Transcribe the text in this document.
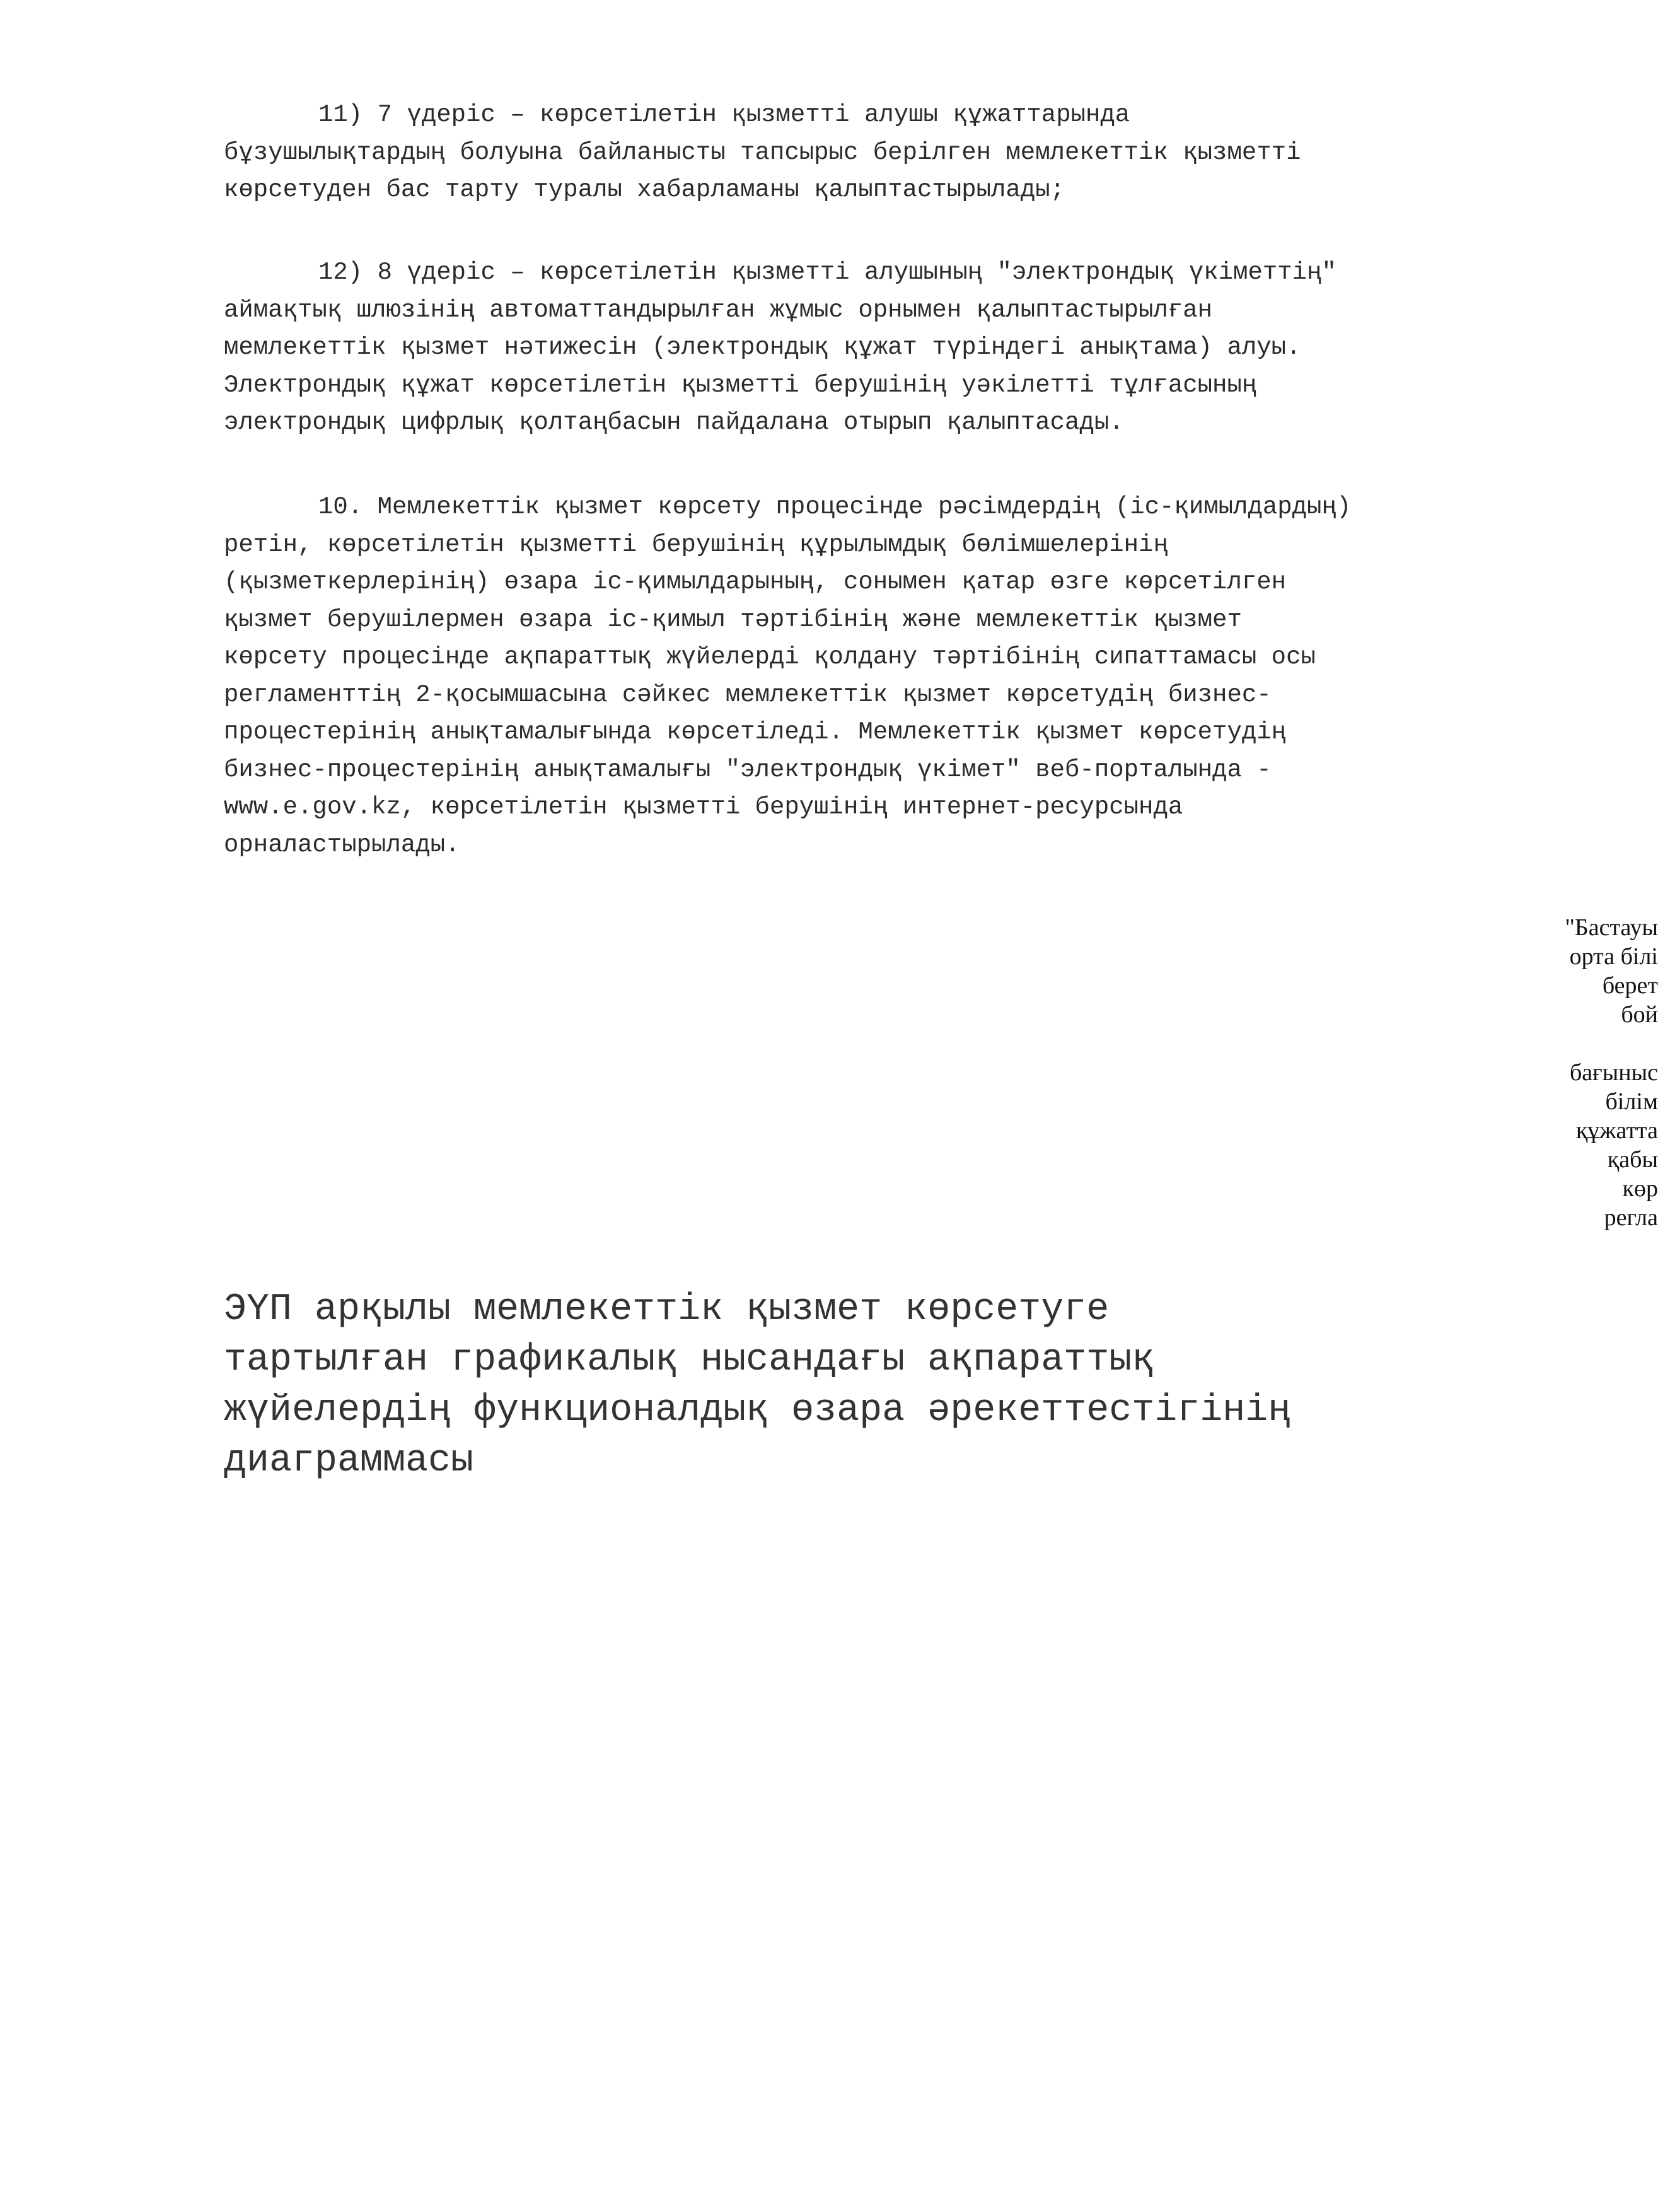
11) 7 үдеріс – көрсетілетін қызметті алушы құжаттарында
бұзушылықтардың болуына байланысты тапсырыс берілген мемлекеттік қызметті
көрсетуден бас тарту туралы хабарламаны қалыптастырылады;

12) 8 үдеріс – көрсетілетін қызметті алушының "электрондық үкіметтің"
аймақтық шлюзінің автоматтандырылған жұмыс орнымен қалыптастырылған
мемлекеттік қызмет нәтижесін (электрондық құжат түріндегі анықтама) алуы.
Электрондық құжат көрсетілетін қызметті берушінің уәкілетті тұлғасының
электрондық цифрлық қолтаңбасын пайдалана отырып қалыптасады.

10. Мемлекеттік қызмет көрсету процесінде рәсімдердің (іс-қимылдардың)
ретін, көрсетілетін қызметті берушінің құрылымдық бөлімшелерінің
(қызметкерлерінің) өзара іс-қимылдарының, сонымен қатар өзге көрсетілген
қызмет берушілермен өзара іс-қимыл тәртібінің және мемлекеттік қызмет
көрсету процесінде ақпараттық жүйелерді қолдану тәртібінің сипаттамасы осы
регламенттің 2-қосымшасына сәйкес мемлекеттік қызмет көрсетудің бизнес-
процестерінің анықтамалығында көрсетіледі. Мемлекеттік қызмет көрсетудің
бизнес-процестерінің анықтамалығы "электрондық үкімет" веб-порталында -
www.e.gov.kz, көрсетілетін қызметті берушінің интернет-ресурсында
орналастырылады.

"Бастауы
орта білі
берет
бой
бағыныс
білім
құжатта
қабы
көр
регла
ЭҮП арқылы мемлекеттік қызмет көрсетуге
тартылған графикалық нысандағы ақпараттық
жүйелердің функционалдық өзара әрекеттестігінің
диаграммасы
